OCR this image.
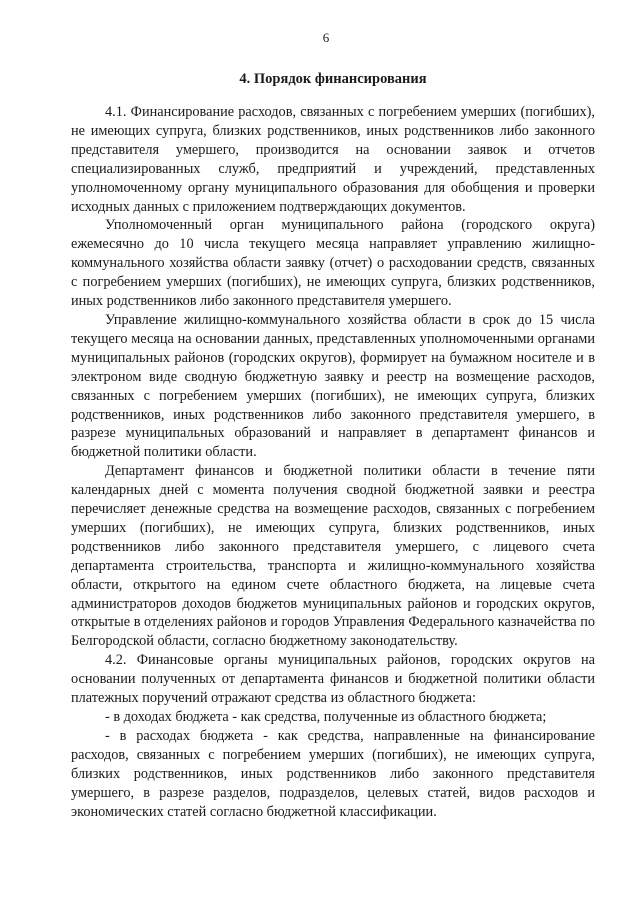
6
4. Порядок финансирования

4.1. Финансирование расходов, связанных с погребением умерших (погибших), не имеющих супруга, близких родственников, иных родственников либо законного представителя умершего, производится на основании заявок и отчетов специализированных служб, предприятий и учреждений, представленных уполномоченному органу муниципального образования для обобщения и проверки исходных данных с приложением подтверждающих документов.

Уполномоченный орган муниципального района (городского округа) ежемесячно до 10 числа текущего месяца направляет управлению жилищно-коммунального хозяйства области заявку (отчет) о расходовании средств, связанных с погребением умерших (погибших), не имеющих супруга, близких родственников, иных родственников либо законного представителя умершего.

Управление жилищно-коммунального хозяйства области в срок до 15 числа текущего месяца на основании данных, представленных уполномоченными органами муниципальных районов (городских округов), формирует на бумажном носителе и в электроном виде сводную бюджетную заявку и реестр на возмещение расходов, связанных с погребением умерших (погибших), не имеющих супруга, близких родственников, иных родственников либо законного представителя умершего, в разрезе муниципальных образований и направляет в департамент финансов и бюджетной политики области.

Департамент финансов и бюджетной политики области в течение пяти календарных дней с момента получения сводной бюджетной заявки и реестра перечисляет денежные средства на возмещение расходов, связанных с погребением умерших (погибших), не имеющих супруга, близких родственников, иных родственников либо законного представителя умершего, с лицевого счета департамента строительства, транспорта и жилищно-коммунального хозяйства области, открытого на едином счете областного бюджета, на лицевые счета администраторов доходов бюджетов муниципальных районов и городских округов, открытые в отделениях районов и городов Управления Федерального казначейства по Белгородской области, согласно бюджетному законодательству.

4.2. Финансовые органы муниципальных районов, городских округов на основании полученных от департамента финансов и бюджетной политики области платежных поручений отражают средства из областного бюджета:

- в доходах бюджета - как средства, полученные из областного бюджета;

- в расходах бюджета - как средства, направленные на финансирование расходов, связанных с погребением умерших (погибших), не имеющих супруга, близких родственников, иных родственников либо законного представителя умершего, в разрезе разделов, подразделов, целевых статей, видов расходов и экономических статей согласно бюджетной классификации.
